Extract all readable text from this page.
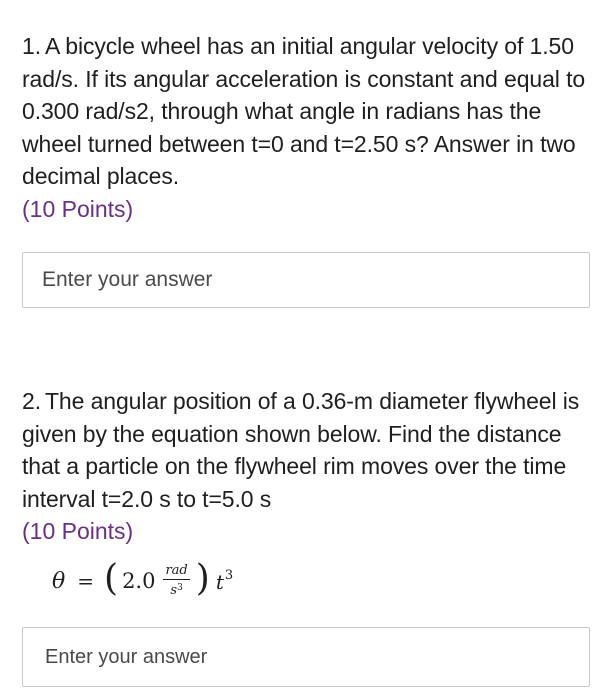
1. A bicycle wheel has an initial angular velocity of 1.50 rad/s. If its angular acceleration is constant and equal to 0.300 rad/s2, through what angle in radians has the wheel turned between t=0 and t=2.50 s? Answer in two decimal places.

(10 Points)

Enter your answer

2. The angular position of a 0.36-m diameter flywheel is given by the equation shown below. Find the distance that a particle on the flywheel rim moves over the time interval t=2.0 s to t=5.0 s

(10 Points)

θ = ( $2.0 \frac{\text{rad}}{s^3}$ ) $t^3$
Enter your answer
